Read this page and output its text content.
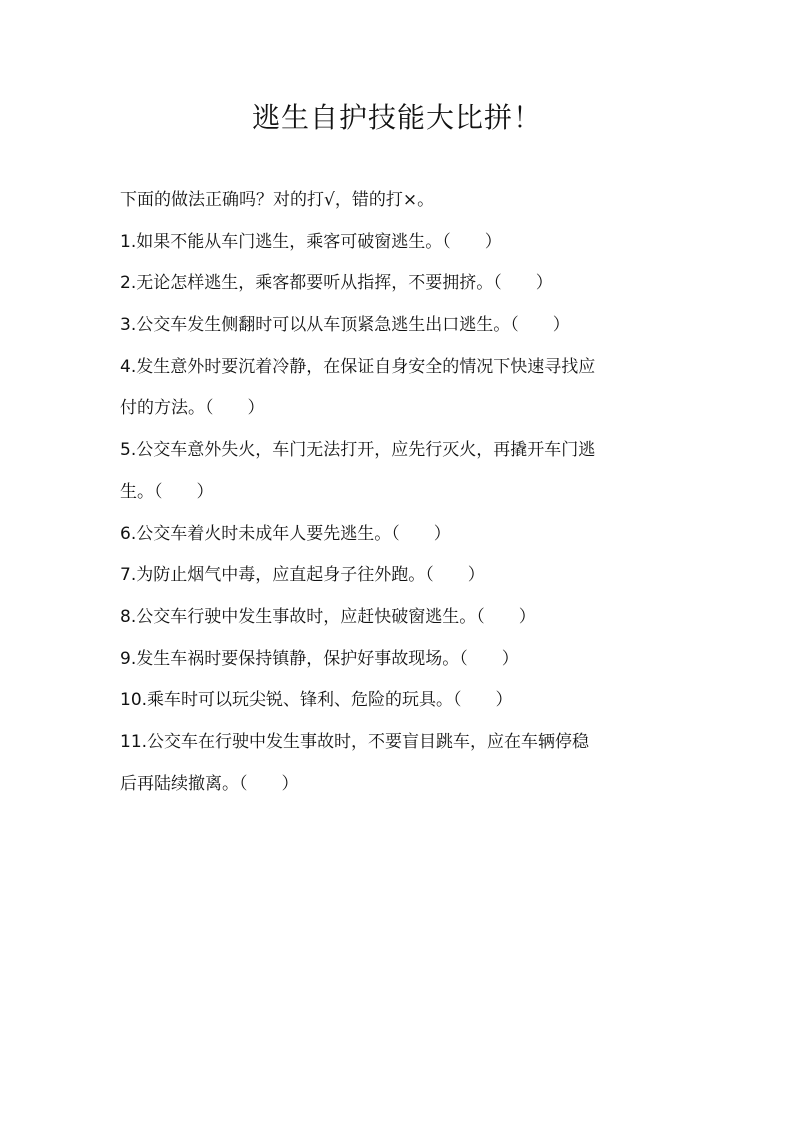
逃生自护技能大比拼！
下面的做法正确吗？对的打√，错的打×。
1.如果不能从车门逃生，乘客可破窗逃生。（　　）
2.无论怎样逃生，乘客都要听从指挥，不要拥挤。（　　）
3.公交车发生侧翻时可以从车顶紧急逃生出口逃生。（　　）
4.发生意外时要沉着冷静，在保证自身安全的情况下快速寻找应
付的方法。（　　）
5.公交车意外失火，车门无法打开，应先行灭火，再撬开车门逃
生。（　　）
6.公交车着火时未成年人要先逃生。（　　）
7.为防止烟气中毒，应直起身子往外跑。（　　）
8.公交车行驶中发生事故时，应赶快破窗逃生。（　　）
9.发生车祸时要保持镇静，保护好事故现场。（　　）
10.乘车时可以玩尖锐、锋利、危险的玩具。（　　）
11.公交车在行驶中发生事故时，不要盲目跳车，应在车辆停稳
后再陆续撤离。（　　）
